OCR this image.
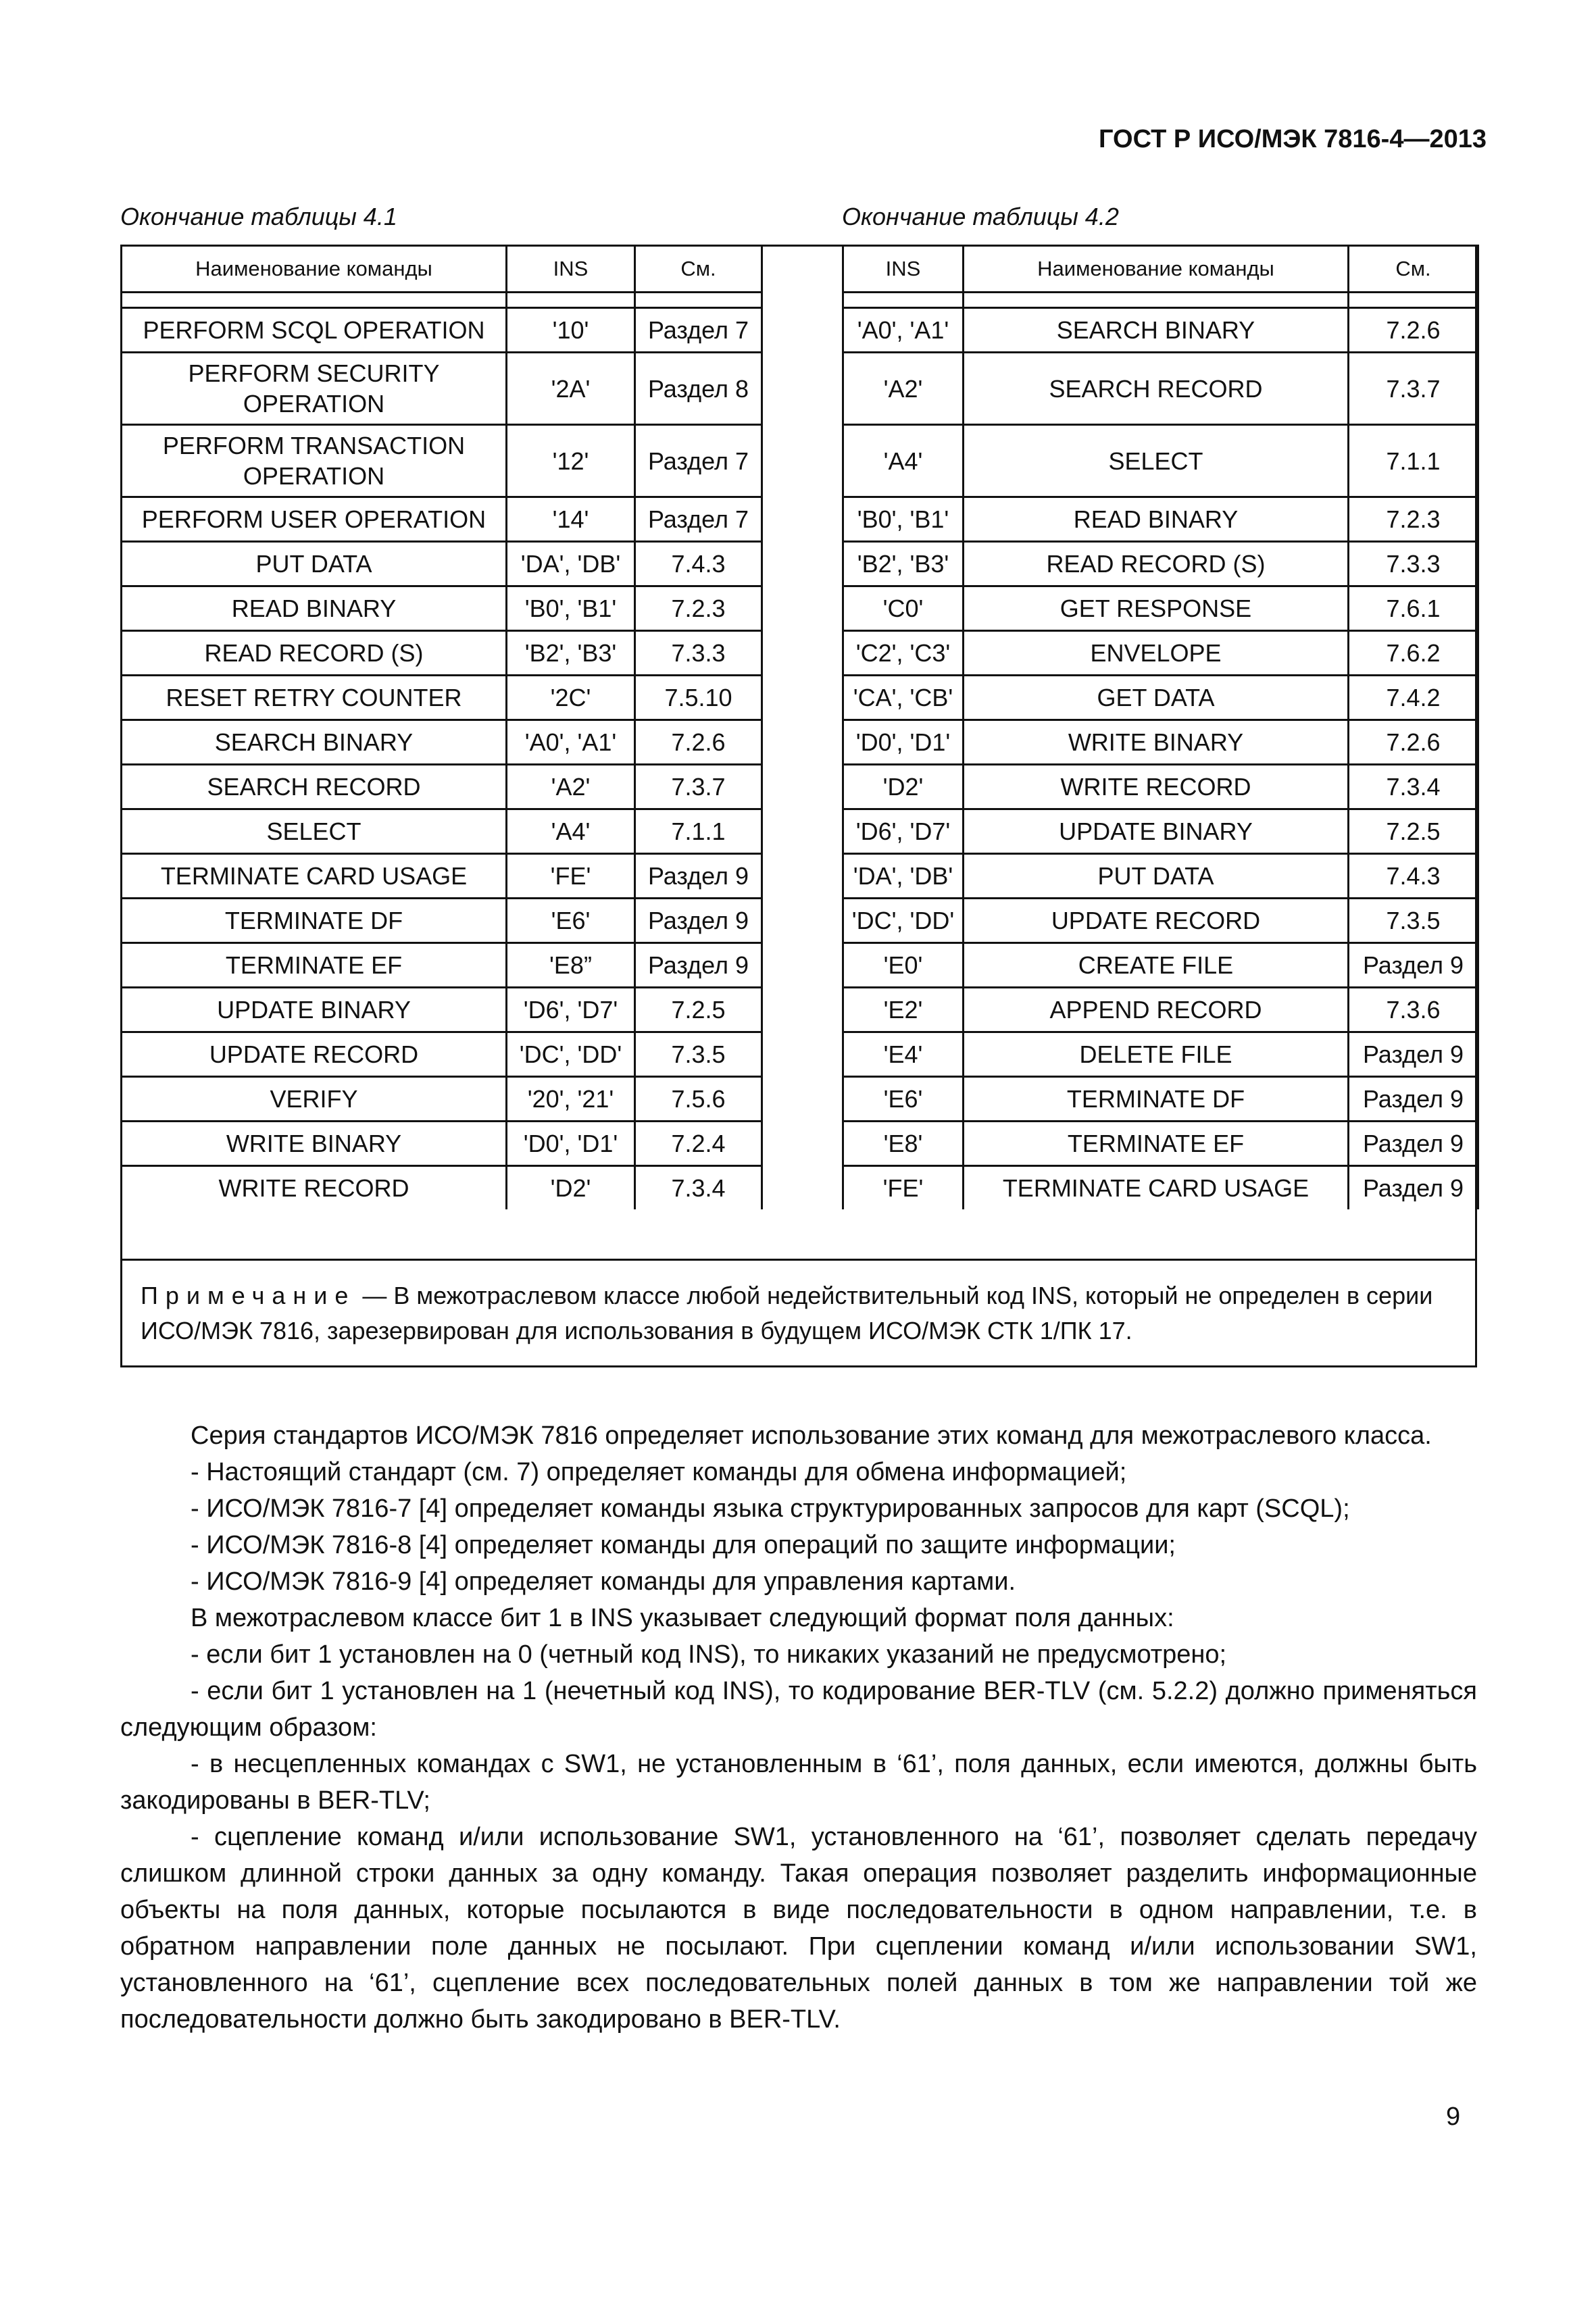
ГОСТ Р ИСО/МЭК 7816-4—2013
Окончание таблицы 4.1	Окончание таблицы 4.2
Наименование команды	INS	См.

PERFORM SCQL OPERATION	'10'	Раздел 7
PERFORM SECURITY OPERATION	'2A'	Раздел 8
PERFORM TRANSACTION OPERATION	'12'	Раздел 7
PERFORM USER OPERATION	'14'	Раздел 7
PUT DATA	'DA', 'DB'	7.4.3
READ BINARY	'B0', 'B1'	7.2.3
READ RECORD (S)	'B2', 'B3'	7.3.3
RESET RETRY COUNTER	'2C'	7.5.10
SEARCH BINARY	'A0', 'A1'	7.2.6
SEARCH RECORD	'A2'	7.3.7
SELECT	'A4'	7.1.1
TERMINATE CARD USAGE	'FE'	Раздел 9
TERMINATE DF	'E6'	Раздел 9
TERMINATE EF	'E8”	Раздел 9
UPDATE BINARY	'D6', 'D7'	7.2.5
UPDATE RECORD	'DC', 'DD'	7.3.5
VERIFY	'20', '21'	7.5.6
WRITE BINARY	'D0', 'D1'	7.2.4
WRITE RECORD	'D2'	7.3.4
INS	Наименование команды	См.

'A0', 'A1'	SEARCH BINARY	7.2.6
'A2'	SEARCH RECORD	7.3.7
'A4'	SELECT	7.1.1
'B0', 'B1'	READ BINARY	7.2.3
'B2', 'B3'	READ RECORD (S)	7.3.3
'C0'	GET RESPONSE	7.6.1
'C2', 'C3'	ENVELOPE	7.6.2
'CA', 'CB'	GET DATA	7.4.2
'D0', 'D1'	WRITE BINARY	7.2.6
'D2'	WRITE RECORD	7.3.4
'D6', 'D7'	UPDATE BINARY	7.2.5
'DA', 'DB'	PUT DATA	7.4.3
'DC', 'DD'	UPDATE RECORD	7.3.5
'E0'	CREATE FILE	Раздел 9
'E2'	APPEND RECORD	7.3.6
'E4'	DELETE FILE	Раздел 9
'E6'	TERMINATE DF	Раздел 9
'E8'	TERMINATE EF	Раздел 9
'FE'	TERMINATE CARD USAGE	Раздел 9
Примечание — В межотраслевом классе любой недействительный код INS, который не определен в серии ИСО/МЭК 7816, зарезервирован для использования в будущем ИСО/МЭК СТК 1/ПК 17.

Серия стандартов ИСО/МЭК 7816 определяет использование этих команд для межотраслевого класса.

- Настоящий стандарт (см. 7) определяет команды для обмена информацией;

- ИСО/МЭК 7816-7 [4] определяет команды языка структурированных запросов для карт (SCQL);

- ИСО/МЭК 7816-8 [4] определяет команды для операций по защите информации;

- ИСО/МЭК 7816-9 [4] определяет команды для управления картами.

В межотраслевом классе бит 1 в INS указывает следующий формат поля данных:

- если бит 1 установлен на 0 (четный код INS), то никаких указаний не предусмотрено;

- если бит 1 установлен на 1 (нечетный код INS), то кодирование BER-TLV (см. 5.2.2) должно применяться следующим образом:

- в несцепленных командах с SW1, не установленным в ‘61’, поля данных, если имеются, должны быть закодированы в BER-TLV;

- сцепление команд и/или использование SW1, установленного на ‘61’, позволяет сделать передачу слишком длинной строки данных за одну команду. Такая операция позволяет разделить информационные объекты на поля данных, которые посылаются в виде последовательности в одном направлении, т.е. в обратном направлении поле данных не посылают. При сцеплении команд и/или использовании SW1, установленного на ‘61’, сцепление всех последовательных полей данных в том же направлении той же последовательности должно быть закодировано в BER-TLV.

9
